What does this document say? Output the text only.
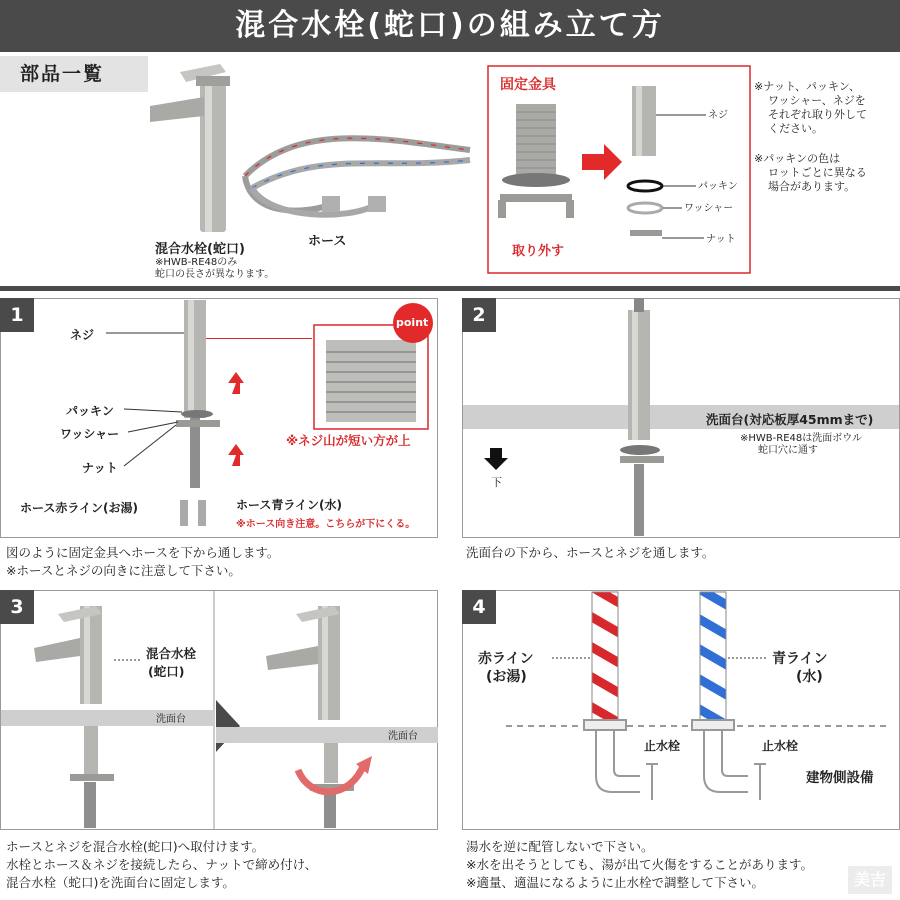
混合水栓(蛇口)の組み立て方
部品一覧
混合水栓(蛇口)
※HWB-RE48のみ
蛇口の長さが異なります。
ホース
固定金具
取り外す
ネジ
パッキン
ワッシャー
ナット
※ナット、パッキン、
ワッシャー、ネジを
それぞれ取り外して
ください。
※パッキンの色は
ロットごとに異なる
場合があります。
1
ネジ
パッキン
ワッシャー
ナット
ホース赤ライン(お湯)	ホース青ライン(水)
※ホース向き注意。こちらが下にくる。
point
※ネジ山が短い方が上
図のように固定金具へホースを下から通します。
※ホースとネジの向きに注意して下さい。
2
洗面台(対応板厚45mmまで)
※HWB-RE48は洗面ボウル
蛇口穴に通す
下
洗面台の下から、ホースとネジを通します。
3
混合水栓
(蛇口)
洗面台
洗面台
ホースとネジを混合水栓(蛇口)へ取付けます。
水栓とホース＆ネジを接続したら、ナットで締め付け、
混合水栓（蛇口)を洗面台に固定します。
4
赤ライン
(お湯)
青ライン
(水)
止水栓	止水栓
建物側設備
湯水を逆に配管しないで下さい。
※水を出そうとしても、湯が出て火傷をすることがあります。
※適量、適温になるように止水栓で調整して下さい。	美吉
